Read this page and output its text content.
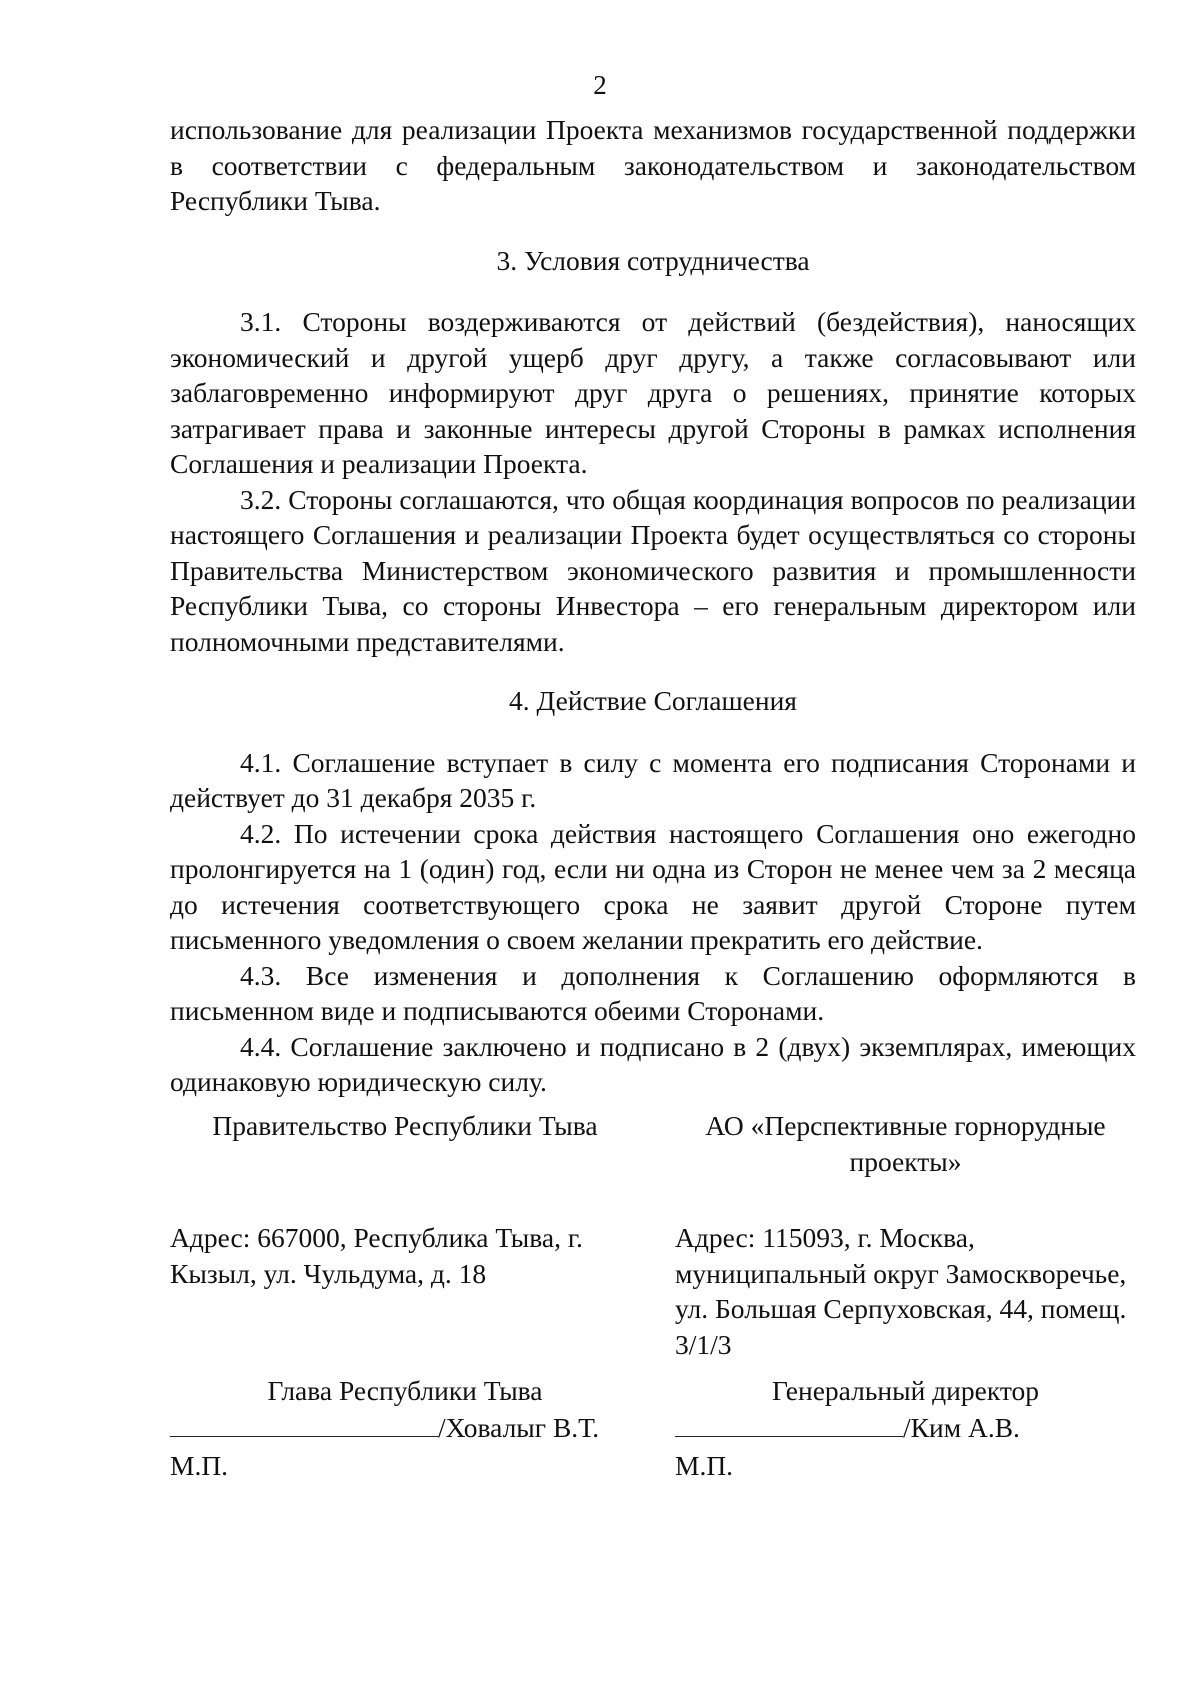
2

использование для реализации Проекта механизмов государственной поддержки в соответствии с федеральным законодательством и законодательством Республики Тыва.

3. Условия сотрудничества

3.1. Стороны воздерживаются от действий (бездействия), наносящих экономический и другой ущерб друг другу, а также согласовывают или заблаговременно информируют друг друга о решениях, принятие которых затрагивает права и законные интересы другой Стороны в рамках исполнения Соглашения и реализации Проекта.

3.2. Стороны соглашаются, что общая координация вопросов по реализации настоящего Соглашения и реализации Проекта будет осуществляться со стороны Правительства Министерством экономического развития и промышленности Республики Тыва, со стороны Инвестора – его генеральным директором или полномочными представителями.

4. Действие Соглашения

4.1. Соглашение вступает в силу с момента его подписания Сторонами и действует до 31 декабря 2035 г.

4.2. По истечении срока действия настоящего Соглашения оно ежегодно пролонгируется на 1 (один) год, если ни одна из Сторон не менее чем за 2 месяца до истечения соответствующего срока не заявит другой Стороне путем письменного уведомления о своем желании прекратить его действие.

4.3. Все изменения и дополнения к Соглашению оформляются в письменном виде и подписываются обеими Сторонами.

4.4. Соглашение заключено и подписано в 2 (двух) экземплярах, имеющих одинаковую юридическую силу.

Правительство Республики Тыва
Адрес: 667000, Республика Тыва, г. Кызыл, ул. Чульдума, д. 18
Глава Республики Тыва
/Ховалыг В.Т.
М.П.
АО «Перспективные горнорудные проекты»
Адрес: 115093, г. Москва, муниципальный округ Замоскворечье, ул. Большая Серпуховская, 44, помещ. 3/1/3
Генеральный директор
/Ким А.В.
М.П.
